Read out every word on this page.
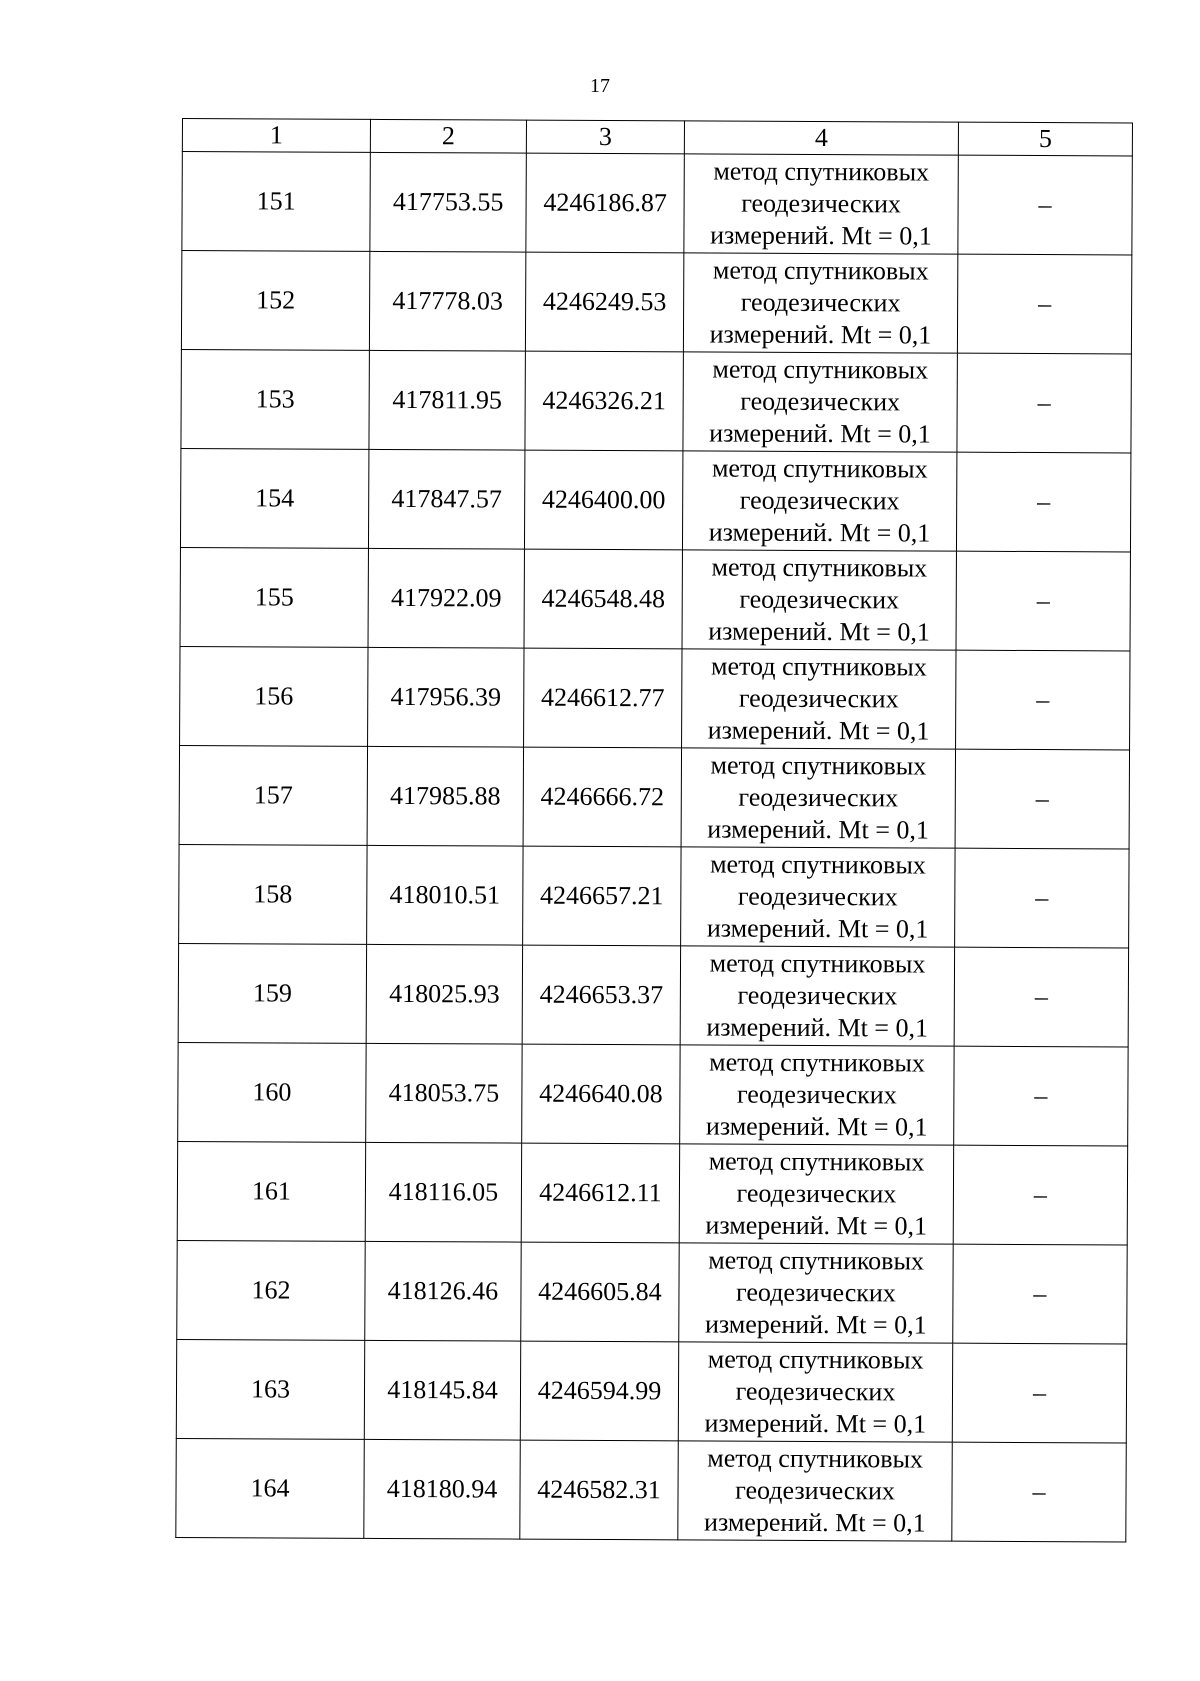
17
1	2	3	4	5
151	417753.55	4246186.87	метод спутниковых
геодезических
измерений. Mt = 0,1	–
152	417778.03	4246249.53	метод спутниковых
геодезических
измерений. Mt = 0,1	–
153	417811.95	4246326.21	метод спутниковых
геодезических
измерений. Mt = 0,1	–
154	417847.57	4246400.00	метод спутниковых
геодезических
измерений. Mt = 0,1	–
155	417922.09	4246548.48	метод спутниковых
геодезических
измерений. Mt = 0,1	–
156	417956.39	4246612.77	метод спутниковых
геодезических
измерений. Mt = 0,1	–
157	417985.88	4246666.72	метод спутниковых
геодезических
измерений. Mt = 0,1	–
158	418010.51	4246657.21	метод спутниковых
геодезических
измерений. Mt = 0,1	–
159	418025.93	4246653.37	метод спутниковых
геодезических
измерений. Mt = 0,1	–
160	418053.75	4246640.08	метод спутниковых
геодезических
измерений. Mt = 0,1	–
161	418116.05	4246612.11	метод спутниковых
геодезических
измерений. Mt = 0,1	–
162	418126.46	4246605.84	метод спутниковых
геодезических
измерений. Mt = 0,1	–
163	418145.84	4246594.99	метод спутниковых
геодезических
измерений. Mt = 0,1	–
164	418180.94	4246582.31	метод спутниковых
геодезических
измерений. Mt = 0,1	–
